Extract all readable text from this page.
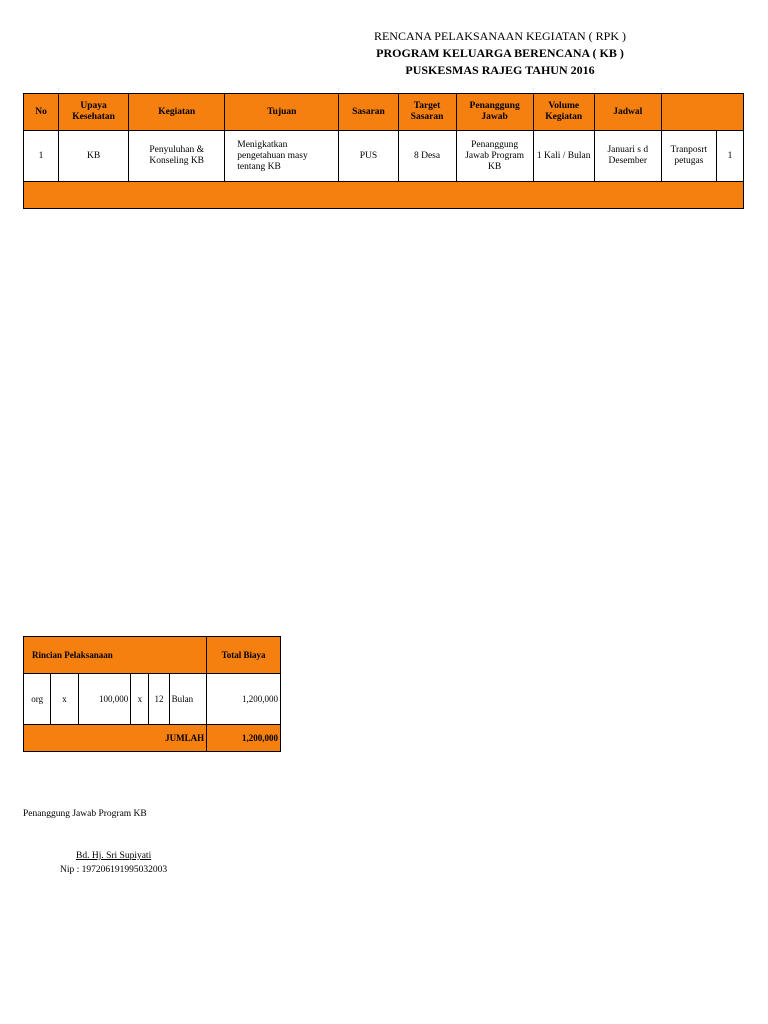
RENCANA PELAKSANAAN KEGIATAN ( RPK )
PROGRAM KELUARGA BERENCANA ( KB )
PUSKESMAS RAJEG TAHUN 2016
No	Upaya Kesehatan	Kegiatan	Tujuan	Sasaran	Target Sasaran	Penanggung Jawab	Volume Kegiatan	Jadwal		
1	KB	Penyuluhan & Konseling KB	Menigkatkan pengetahuan masy tentang KB	PUS	8 Desa	Penanggung Jawab Program KB	1 Kali / Bulan	Januari s d Desember	Tranposrt petugas	1

Rincian Pelaksanaan						Total Biaya
org	x	100,000	x	12	Bulan	1,200,000
JUMLAH						1,200,000
Penanggung Jawab Program KB
Bd. Hj. Sri Supiyati
Nip : 197206191995032003
